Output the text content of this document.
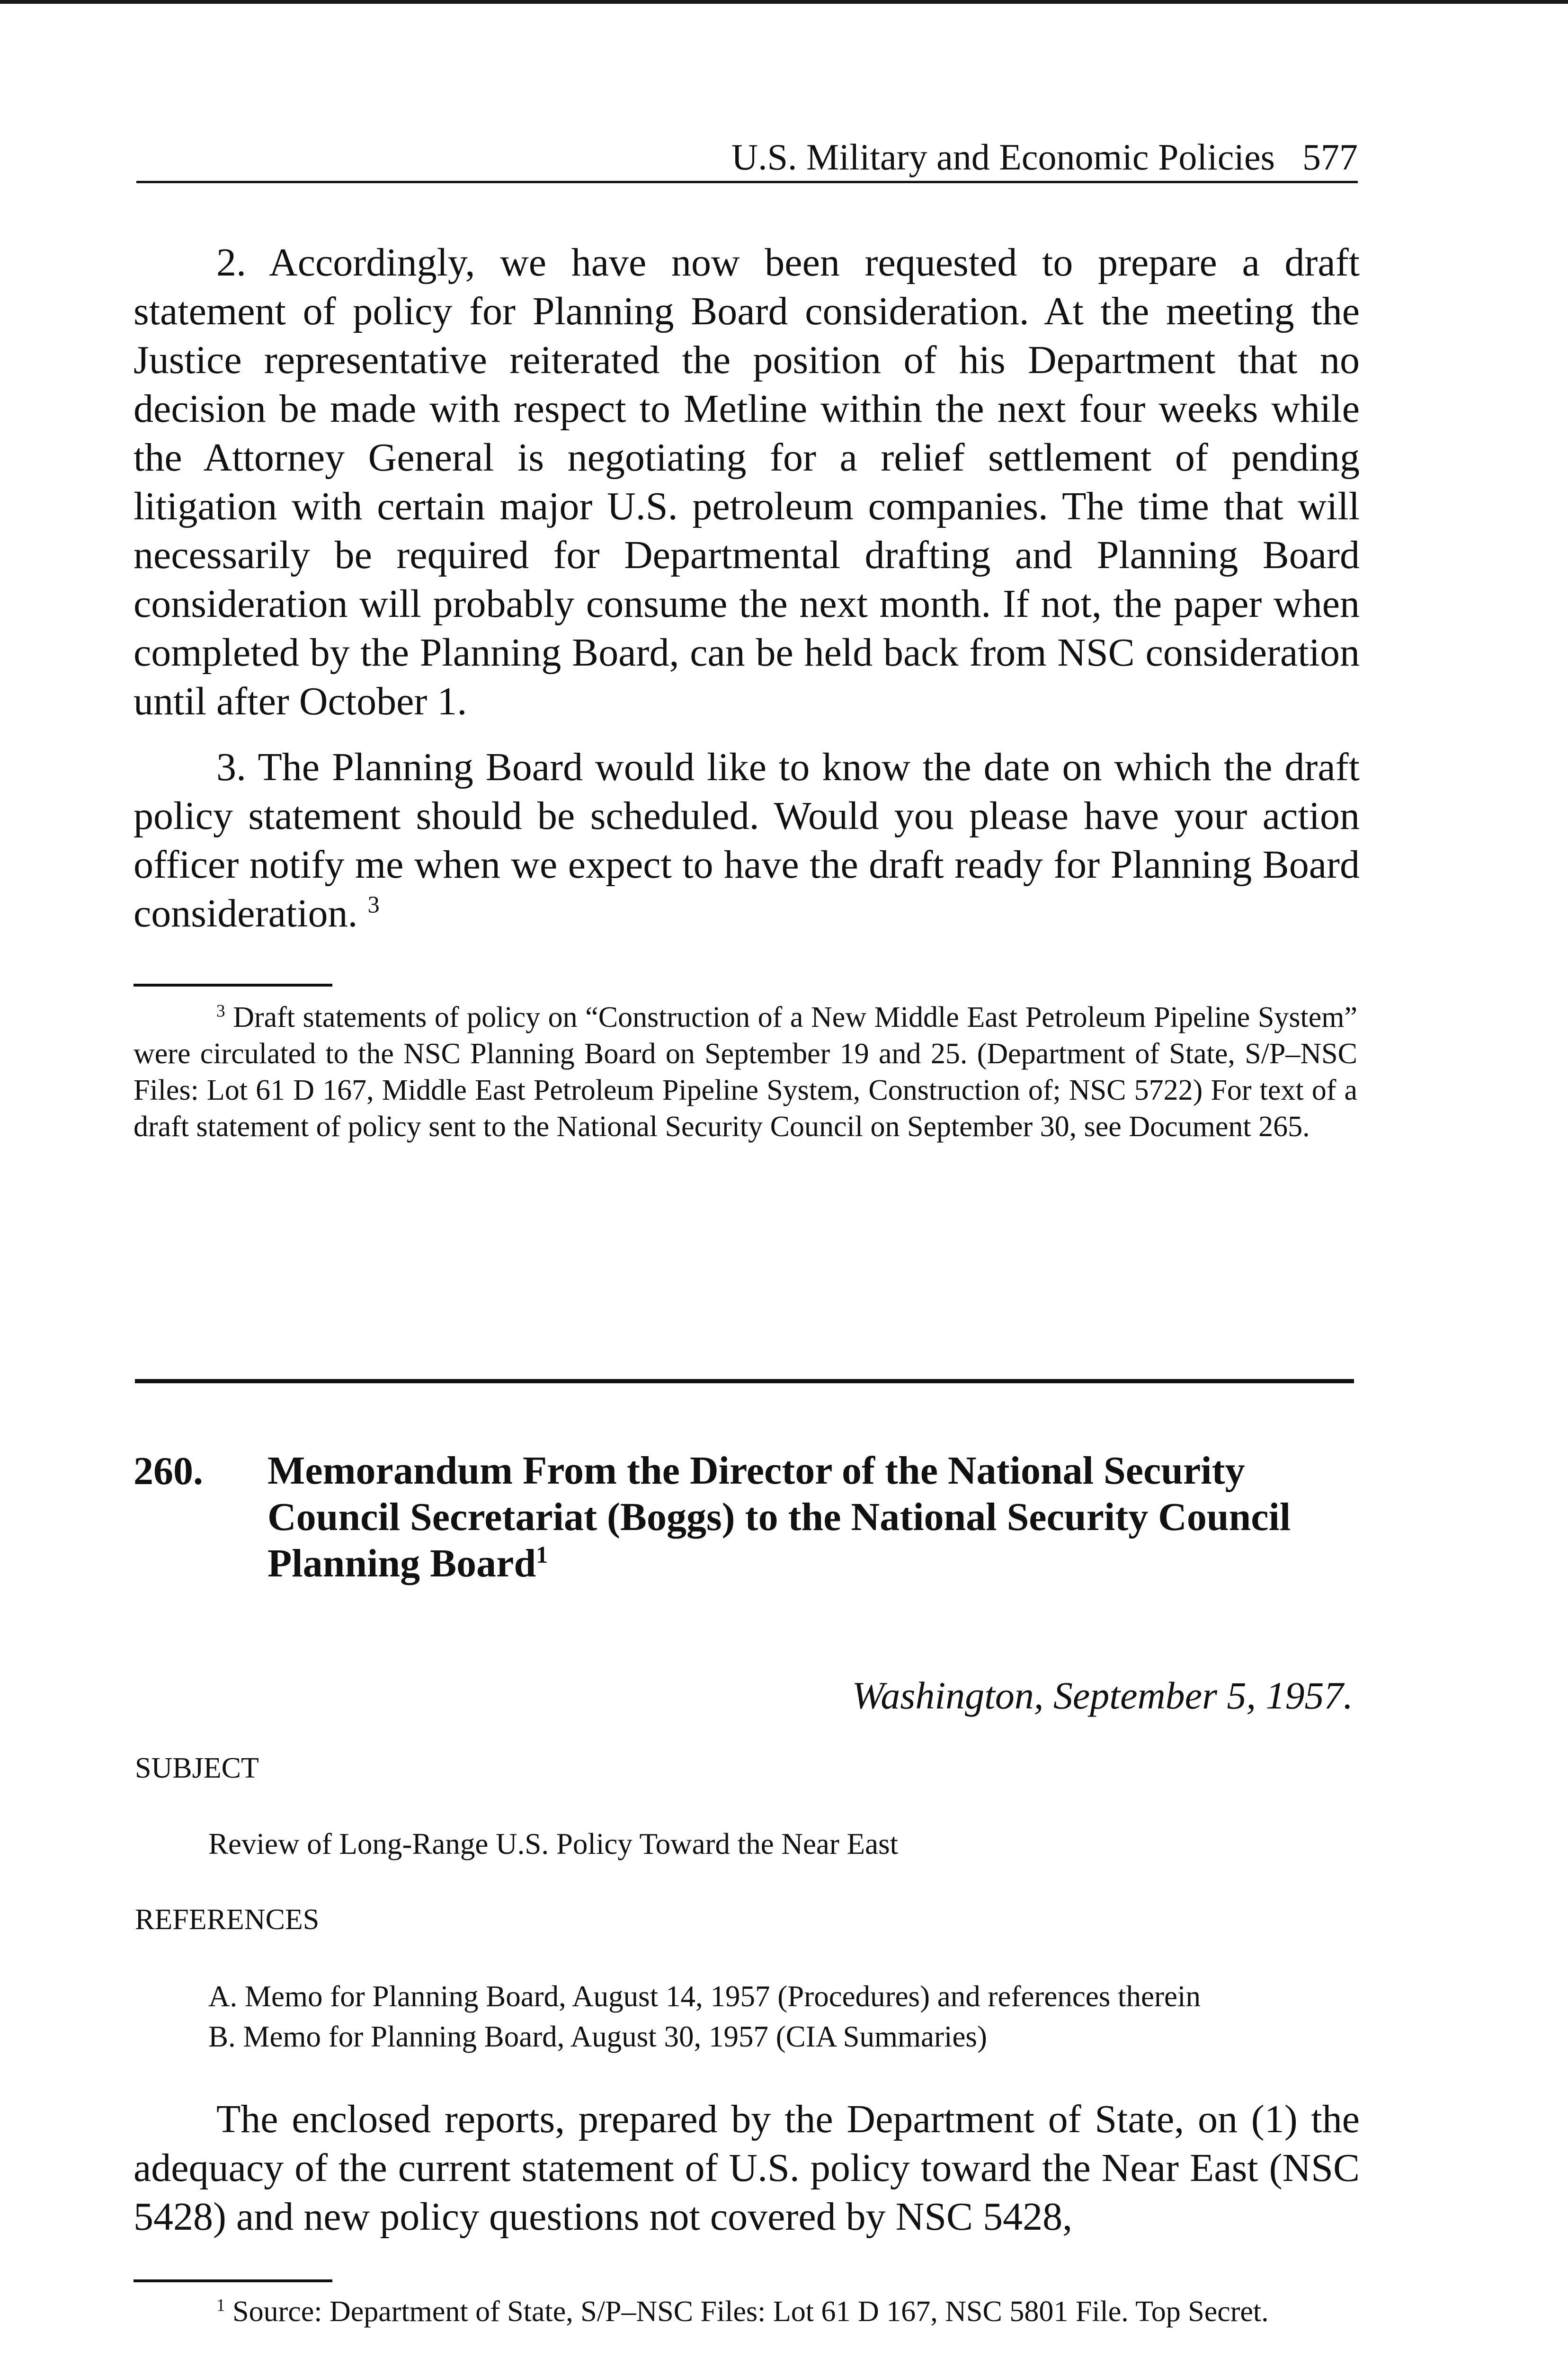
U.S. Military and Economic Policies 577

2. Accordingly, we have now been requested to prepare a draft statement of policy for Planning Board consideration. At the meeting the Justice representative reiterated the position of his Department that no decision be made with respect to Metline within the next four weeks while the Attorney General is negotiating for a relief settlement of pending litigation with certain major U.S. petroleum companies. The time that will necessarily be required for Departmental drafting and Planning Board consideration will probably consume the next month. If not, the paper when completed by the Planning Board, can be held back from NSC consideration until after October 1.

3. The Planning Board would like to know the date on which the draft policy statement should be scheduled. Would you please have your action officer notify me when we expect to have the draft ready for Planning Board consideration. $^3$

$^3$ Draft statements of policy on “Construction of a New Middle East Petroleum Pipeline System” were circulated to the NSC Planning Board on September 19 and 25. (Department of State, S/P–NSC Files: Lot 61 D 167, Middle East Petroleum Pipeline System, Construction of; NSC 5722) For text of a draft statement of policy sent to the National Security Council on September 30, see Document 265.

260. Memorandum From the Director of the National Security Council Secretariat (Boggs) to the National Security Council Planning Board$^1$

Washington, September 5, 1957.
SUBJECT
Review of Long-Range U.S. Policy Toward the Near East
REFERENCES
A. Memo for Planning Board, August 14, 1957 (Procedures) and references therein
B. Memo for Planning Board, August 30, 1957 (CIA Summaries)

The enclosed reports, prepared by the Department of State, on (1) the adequacy of the current statement of U.S. policy toward the Near East (NSC 5428) and new policy questions not covered by NSC 5428,

$^1$ Source: Department of State, S/P–NSC Files: Lot 61 D 167, NSC 5801 File. Top Secret.
